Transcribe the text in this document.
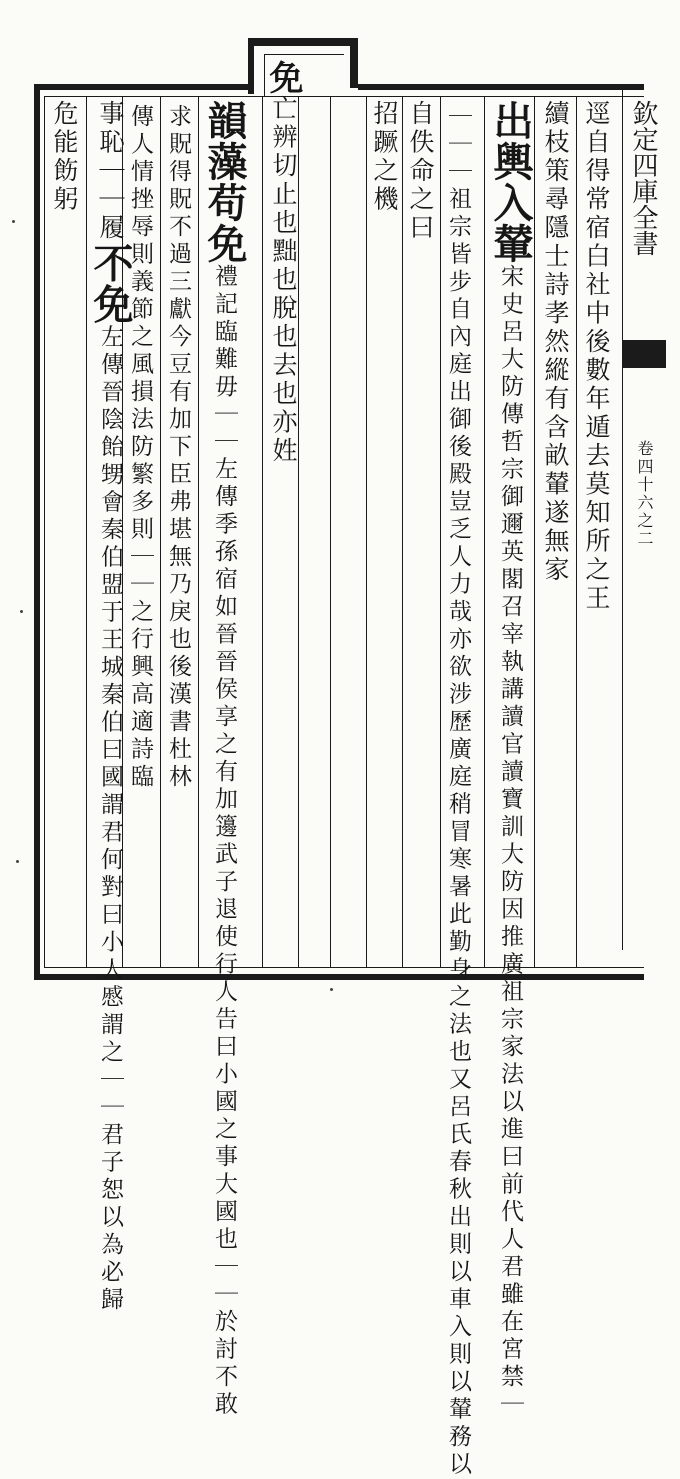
欽定四庫全書
卷四十六之二
逕自得常宿白社中後數年遁去莫知所之王
續枝策尋隱士詩孝然縱有含畝輦遂無家
出輿入輦宋史呂大防傳哲宗御邇英閣召宰執講讀官讀寶訓大防因推廣祖宗家法以進曰前代人君雖在宮禁｜
｜｜｜祖宗皆步自內庭出御後殿豈乏人力哉亦欲涉歷廣庭稍冒寒暑此勤身之法也又呂氏春秋出則以車入則以輦務以
自佚命之曰
招蹶之機
免亡辨切止也黜也脫也去也亦姓
韻藻苟免禮記臨難毋｜｜左傳季孫宿如晉晉侯享之有加籩武子退使行人告曰小國之事大國也｜｜於討不敢
求貺得貺不過三獻今豆有加下臣弗堪無乃戾也後漢書杜林
傳人情挫辱則義節之風損法防繁多則｜｜之行興高適詩臨
事恥｜｜履不免左傳晉陰飴甥會秦伯盟于王城秦伯曰國謂君何對曰小人慼謂之｜｜君子恕以為必歸
危能飭躬
